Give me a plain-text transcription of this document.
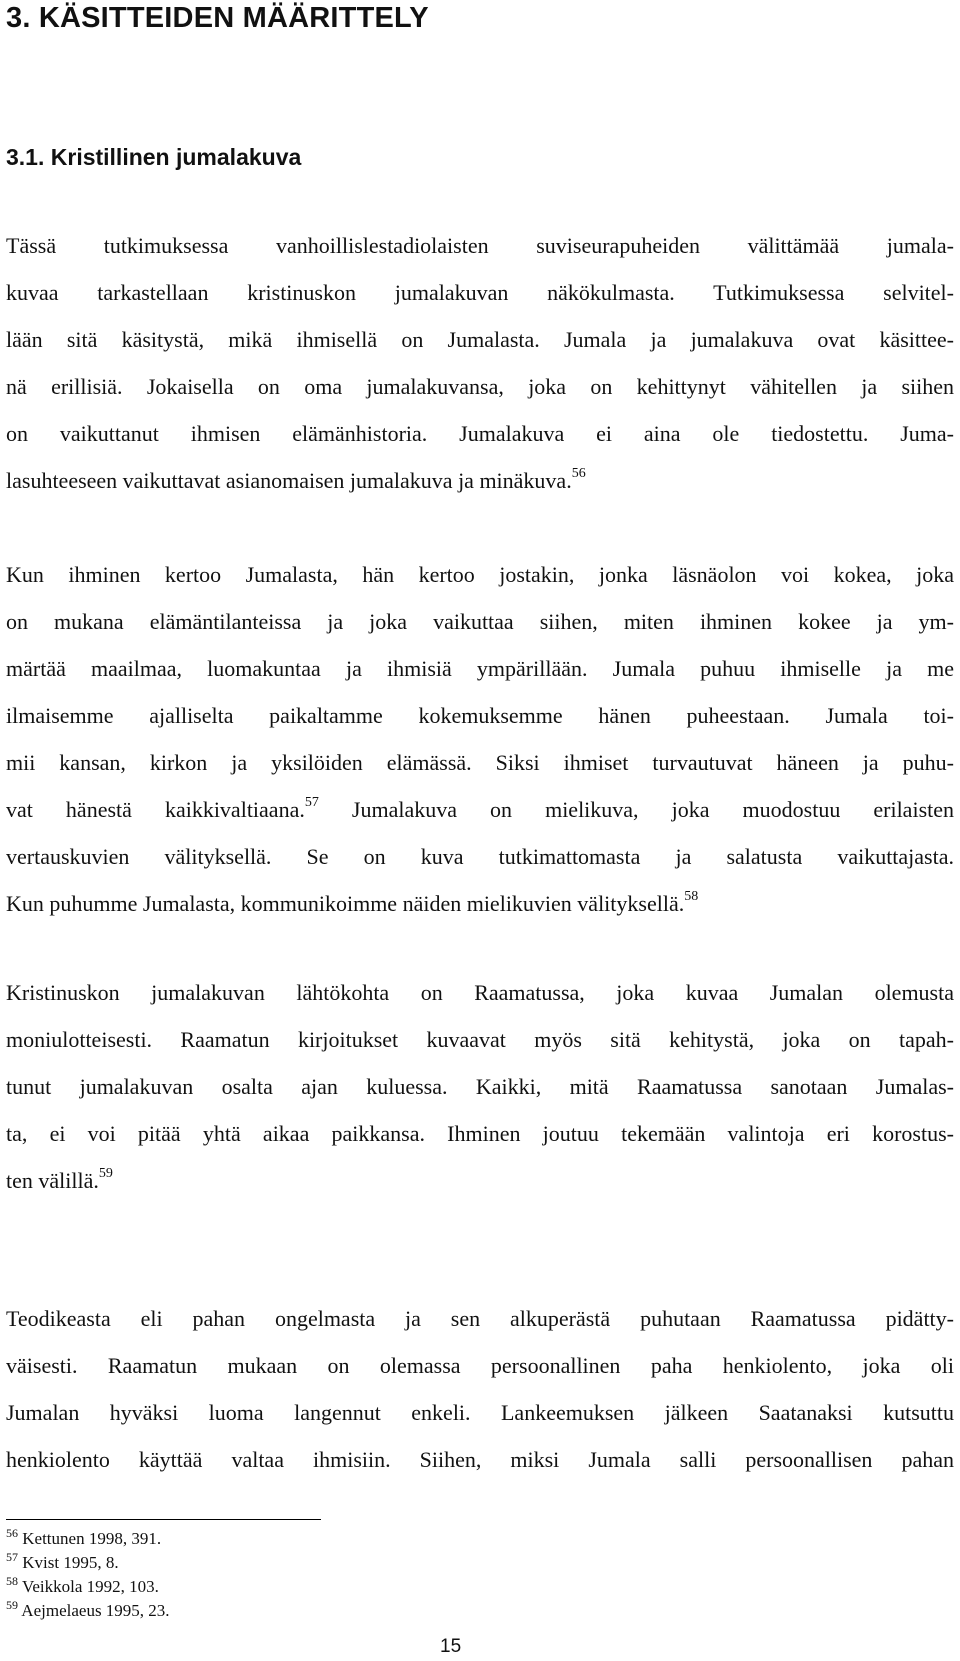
3. KÄSITTEIDEN MÄÄRITTELY
3.1. Kristillinen jumalakuva
Tässä tutkimuksessa vanhoillislestadiolaisten suviseurapuheiden välittämää jumala-
kuvaa tarkastellaan kristinuskon jumalakuvan näkökulmasta. Tutkimuksessa selvitel-
lään sitä käsitystä, mikä ihmisellä on Jumalasta. Jumala ja jumalakuva ovat käsittee-
nä erillisiä. Jokaisella on oma jumalakuvansa, joka on kehittynyt vähitellen ja siihen
on vaikuttanut ihmisen elämänhistoria. Jumalakuva ei aina ole tiedostettu. Juma-
lasuhteeseen vaikuttavat asianomaisen jumalakuva ja minäkuva.$^{56}$
Kun ihminen kertoo Jumalasta, hän kertoo jostakin, jonka läsnäolon voi kokea, joka
on mukana elämäntilanteissa ja joka vaikuttaa siihen, miten ihminen kokee ja ym-
märtää maailmaa, luomakuntaa ja ihmisiä ympärillään. Jumala puhuu ihmiselle ja me
ilmaisemme ajalliselta paikaltamme kokemuksemme hänen puheestaan. Jumala toi-
mii kansan, kirkon ja yksilöiden elämässä. Siksi ihmiset turvautuvat häneen ja puhu-
vat hänestä kaikkivaltiaana.$^{57}$ Jumalakuva on mielikuva, joka muodostuu erilaisten
vertauskuvien välityksellä. Se on kuva tutkimattomasta ja salatusta vaikuttajasta.
Kun puhumme Jumalasta, kommunikoimme näiden mielikuvien välityksellä.$^{58}$
Kristinuskon jumalakuvan lähtökohta on Raamatussa, joka kuvaa Jumalan olemusta
moniulotteisesti. Raamatun kirjoitukset kuvaavat myös sitä kehitystä, joka on tapah-
tunut jumalakuvan osalta ajan kuluessa. Kaikki, mitä Raamatussa sanotaan Jumalas-
ta, ei voi pitää yhtä aikaa paikkansa. Ihminen joutuu tekemään valintoja eri korostus-
ten välillä.$^{59}$
Teodikeasta eli pahan ongelmasta ja sen alkuperästä puhutaan Raamatussa pidätty-
väisesti. Raamatun mukaan on olemassa persoonallinen paha henkiolento, joka oli
Jumalan hyväksi luoma langennut enkeli. Lankeemuksen jälkeen Saatanaksi kutsuttu
henkiolento käyttää valtaa ihmisiin. Siihen, miksi Jumala salli persoonallisen pahan
$^{56}$ Kettunen 1998, 391.
$^{57}$ Kvist 1995, 8.
$^{58}$ Veikkola 1992, 103.
$^{59}$ Aejmelaeus 1995, 23.
15
